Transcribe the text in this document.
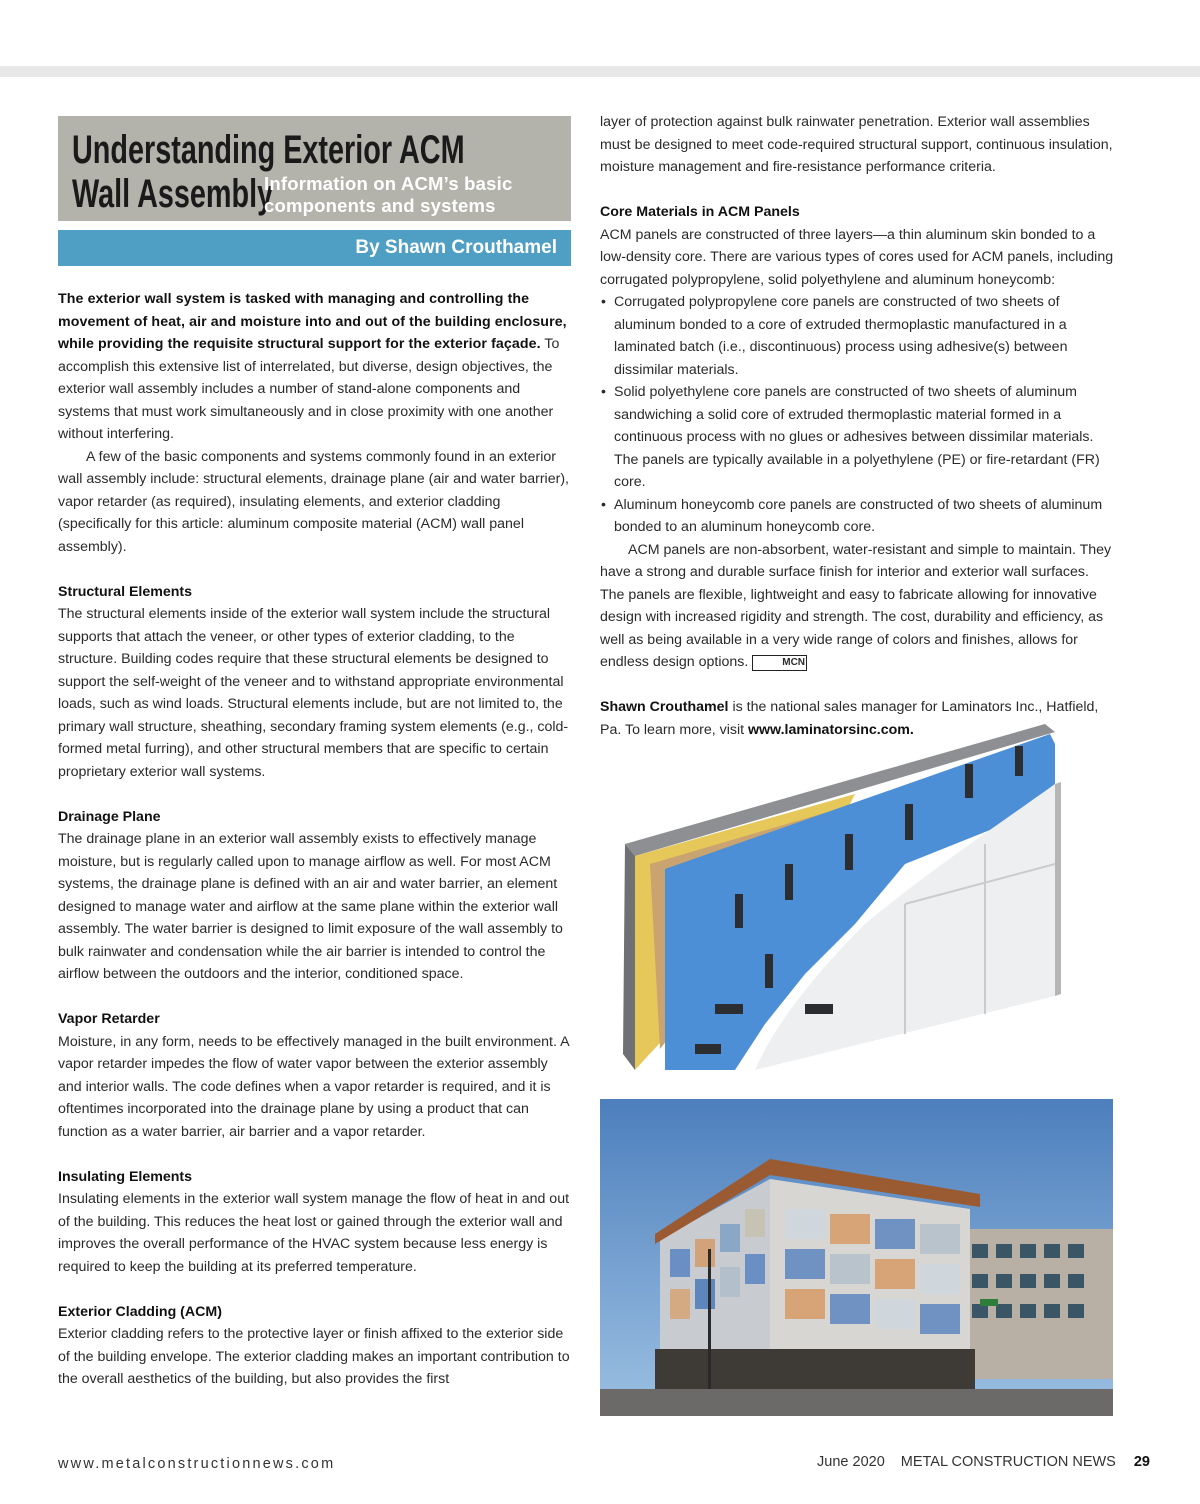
Understanding Exterior ACM
Wall Assembly
Information on ACM’s basic
components and systems
By Shawn Crouthamel

The exterior wall system is tasked with managing and controlling the movement of heat, air and moisture into and out of the building enclosure, while providing the requisite structural support for the exterior façade. To accomplish this extensive list of interrelated, but diverse, design objectives, the exterior wall assembly includes a number of stand-alone components and systems that must work simultaneously and in close proximity with one another without interfering.

A few of the basic components and systems commonly found in an exterior wall assembly include: structural elements, drainage plane (air and water barrier), vapor retarder (as required), insulating elements, and exterior cladding (specifically for this article: aluminum composite material (ACM) wall panel assembly).

Structural Elements

The structural elements inside of the exterior wall system include the structural supports that attach the veneer, or other types of exterior cladding, to the structure. Building codes require that these structural elements be designed to support the self-weight of the veneer and to withstand appropriate environmental loads, such as wind loads. Structural elements include, but are not limited to, the primary wall structure, sheathing, secondary framing system elements (e.g., cold-formed metal furring), and other structural members that are specific to certain proprietary exterior wall systems.

Drainage Plane

The drainage plane in an exterior wall assembly exists to effectively manage moisture, but is regularly called upon to manage airflow as well. For most ACM systems, the drainage plane is defined with an air and water barrier, an element designed to manage water and airflow at the same plane within the exterior wall assembly. The water barrier is designed to limit exposure of the wall assembly to bulk rainwater and condensation while the air barrier is intended to control the airflow between the outdoors and the interior, conditioned space.

Vapor Retarder

Moisture, in any form, needs to be effectively managed in the built environment. A vapor retarder impedes the flow of water vapor between the exterior assembly and interior walls. The code defines when a vapor retarder is required, and it is oftentimes incorporated into the drainage plane by using a product that can function as a water barrier, air barrier and a vapor retarder.

Insulating Elements

Insulating elements in the exterior wall system manage the flow of heat in and out of the building. This reduces the heat lost or gained through the exterior wall and improves the overall performance of the HVAC system because less energy is required to keep the building at its preferred temperature.

Exterior Cladding (ACM)

Exterior cladding refers to the protective layer or finish affixed to the exterior side of the building envelope. The exterior cladding makes an important contribution to the overall aesthetics of the building, but also provides the first

layer of protection against bulk rainwater penetration. Exterior wall assemblies must be designed to meet code-required structural support, continuous insulation, moisture management and fire-resistance performance criteria.

Core Materials in ACM Panels

ACM panels are constructed of three layers—a thin aluminum skin bonded to a low-density core. There are various types of cores used for ACM panels, including corrugated polypropylene, solid polyethylene and aluminum honeycomb:

• Corrugated polypropylene core panels are constructed of two sheets of aluminum bonded to a core of extruded thermoplastic manufactured in a laminated batch (i.e., discontinuous) process using adhesive(s) between dissimilar materials.
• Solid polyethylene core panels are constructed of two sheets of aluminum sandwiching a solid core of extruded thermoplastic material formed in a continuous process with no glues or adhesives between dissimilar materials. The panels are typically available in a polyethylene (PE) or fire-retardant (FR) core.
• Aluminum honeycomb core panels are constructed of two sheets of aluminum bonded to an aluminum honeycomb core.

ACM panels are non-absorbent, water-resistant and simple to maintain. They have a strong and durable surface finish for interior and exterior wall surfaces. The panels are flexible, lightweight and easy to fabricate allowing for innovative design with increased rigidity and strength. The cost, durability and efficiency, as well as being available in a very wide range of colors and finishes, allows for endless design options.	MCN

Shawn Crouthamel is the national sales manager for Laminators Inc., Hatfield, Pa. To learn more, visit www.laminatorsinc.com.

www.metalconstructionnews.com	June 2020 METAL CONSTRUCTION NEWS 29
